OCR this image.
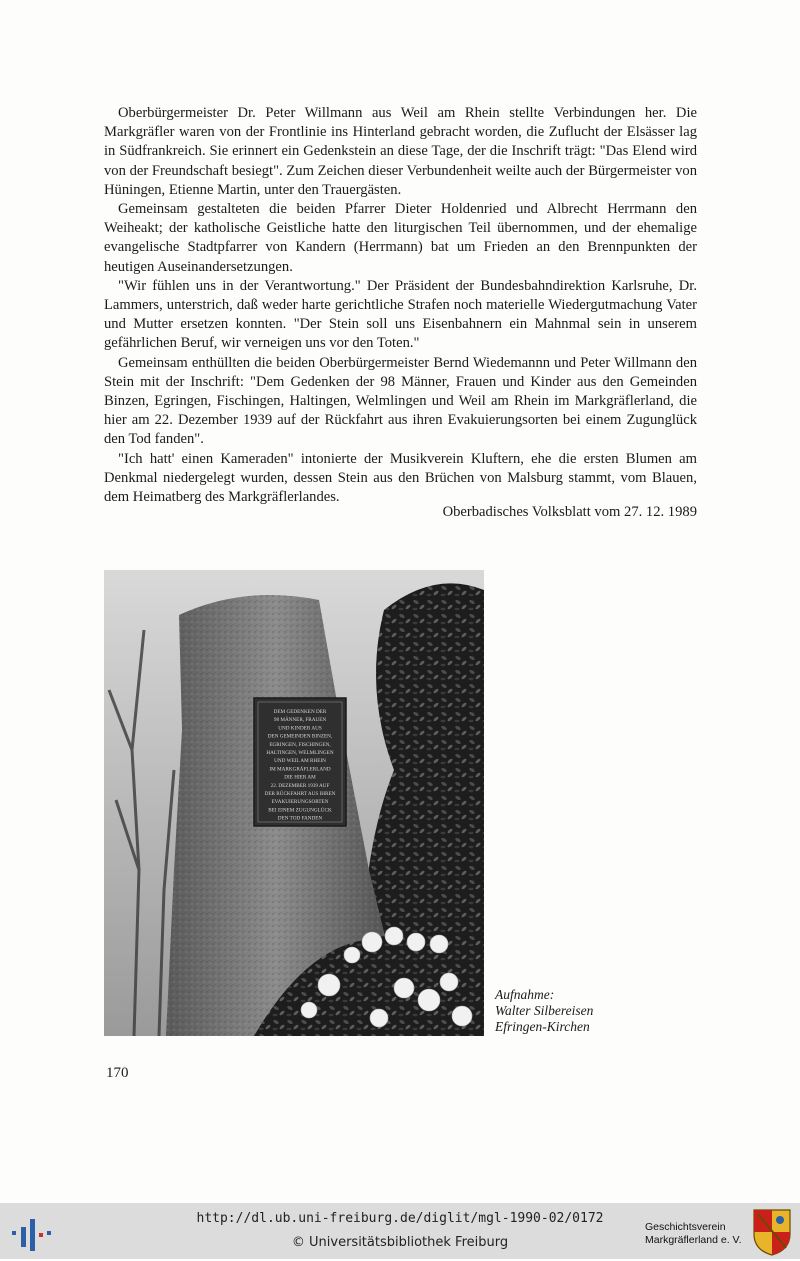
Oberbürgermeister Dr. Peter Willmann aus Weil am Rhein stellte Verbindungen her. Die Markgräfler waren von der Frontlinie ins Hinterland gebracht worden, die Zuflucht der Elsässer lag in Südfrankreich. Sie erinnert ein Gedenkstein an diese Tage, der die Inschrift trägt: "Das Elend wird von der Freundschaft besiegt". Zum Zeichen dieser Verbundenheit weilte auch der Bürgermeister von Hüningen, Etienne Martin, unter den Trauergästen.

Gemeinsam gestalteten die beiden Pfarrer Dieter Holdenried und Albrecht Herrmann den Weiheakt; der katholische Geistliche hatte den liturgischen Teil übernommen, und der ehemalige evangelische Stadtpfarrer von Kandern (Herrmann) bat um Frieden an den Brennpunkten der heutigen Auseinandersetzungen.

"Wir fühlen uns in der Verantwortung." Der Präsident der Bundesbahndirektion Karlsruhe, Dr. Lammers, unterstrich, daß weder harte gerichtliche Strafen noch materielle Wiedergutmachung Vater und Mutter ersetzen konnten. "Der Stein soll uns Eisenbahnern ein Mahnmal sein in unserem gefährlichen Beruf, wir verneigen uns vor den Toten."

Gemeinsam enthüllten die beiden Oberbürgermeister Bernd Wiedemannn und Peter Willmann den Stein mit der Inschrift: "Dem Gedenken der 98 Männer, Frauen und Kinder aus den Gemeinden Binzen, Egringen, Fischingen, Haltingen, Welmlingen und Weil am Rhein im Markgräflerland, die hier am 22. Dezember 1939 auf der Rückfahrt aus ihren Evakuierungsorten bei einem Zugunglück den Tod fanden".

"Ich hatt' einen Kameraden" intonierte der Musikverein Kluftern, ehe die ersten Blumen am Denkmal niedergelegt wurden, dessen Stein aus den Brüchen von Malsburg stammt, vom Blauen, dem Heimatberg des Markgräflerlandes.

Oberbadisches Volksblatt vom 27. 12. 1989
DEM GEDENKEN DER
98 MÄNNER, FRAUEN
UND KINDER AUS
DEN GEMEINDEN BINZEN,
EGRINGEN, FISCHINGEN,
HALTINGEN, WELMLINGEN
UND WEIL AM RHEIN
IM MARKGRÄFLERLAND
DIE HIER AM
22. DEZEMBER 1939 AUF
DER RÜCKFAHRT AUS IHREN
EVAKUIERUNGSORTEN
BEI EINEM ZUGUNGLÜCK
DEN TOD FANDEN
Aufnahme:
Walter Silbereisen
Efringen-Kirchen
170
http://dl.ub.uni-freiburg.de/diglit/mgl-1990-02/0172
© Universitätsbibliothek Freiburg
Geschichtsverein
Markgräflerland e. V.
